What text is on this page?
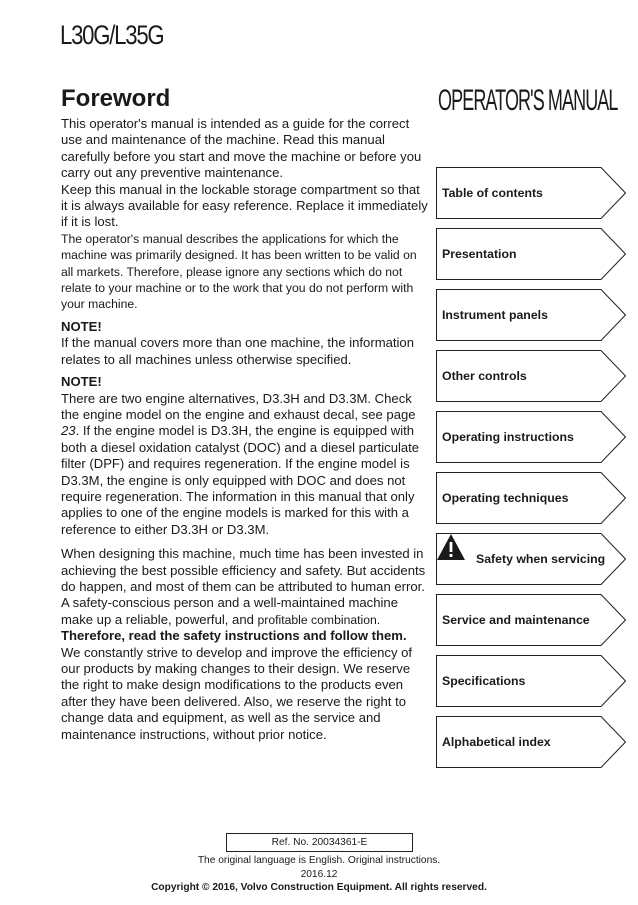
L30G/L35G
OPERATOR'S MANUAL
Foreword

This operator's manual is intended as a guide for the correct use and maintenance of the machine. Read this manual carefully before you start and move the machine or before you carry out any preventive maintenance.

Keep this manual in the lockable storage compartment so that it is always available for easy reference. Replace it immediately if it is lost.

The operator's manual describes the applications for which the machine was primarily designed. It has been written to be valid on all markets. Therefore, please ignore any sections which do not relate to your machine or to the work that you do not perform with your machine.

NOTE!

If the manual covers more than one machine, the information relates to all machines unless otherwise specified.

NOTE!

There are two engine alternatives, D3.3H and D3.3M. Check the engine model on the engine and exhaust decal, see page 23. If the engine model is D3.3H, the engine is equipped with both a diesel oxidation catalyst (DOC) and a diesel particulate filter (DPF) and requires regeneration. If the engine model is D3.3M, the engine is only equipped with DOC and does not require regeneration. The information in this manual that only applies to one of the engine models is marked for this with a reference to either D3.3H or D3.3M.

When designing this machine, much time has been invested in achieving the best possible efficiency and safety. But accidents do happen, and most of them can be attributed to human error. A safety-conscious person and a well-maintained machine make up a reliable, powerful, and profitable combination. Therefore, read the safety instructions and follow them.

We constantly strive to develop and improve the efficiency of our products by making changes to their design. We reserve the right to make design modifications to the products even after they have been delivered. Also, we reserve the right to change data and equipment, as well as the service and maintenance instructions, without prior notice.

Table of contents
Presentation
Instrument panels
Other controls
Operating instructions
Operating techniques
Safety when servicing
Service and maintenance
Specifications
Alphabetical index
Ref. No. 20034361-E
The original language is English. Original instructions.
2016.12
Copyright © 2016, Volvo Construction Equipment. All rights reserved.
